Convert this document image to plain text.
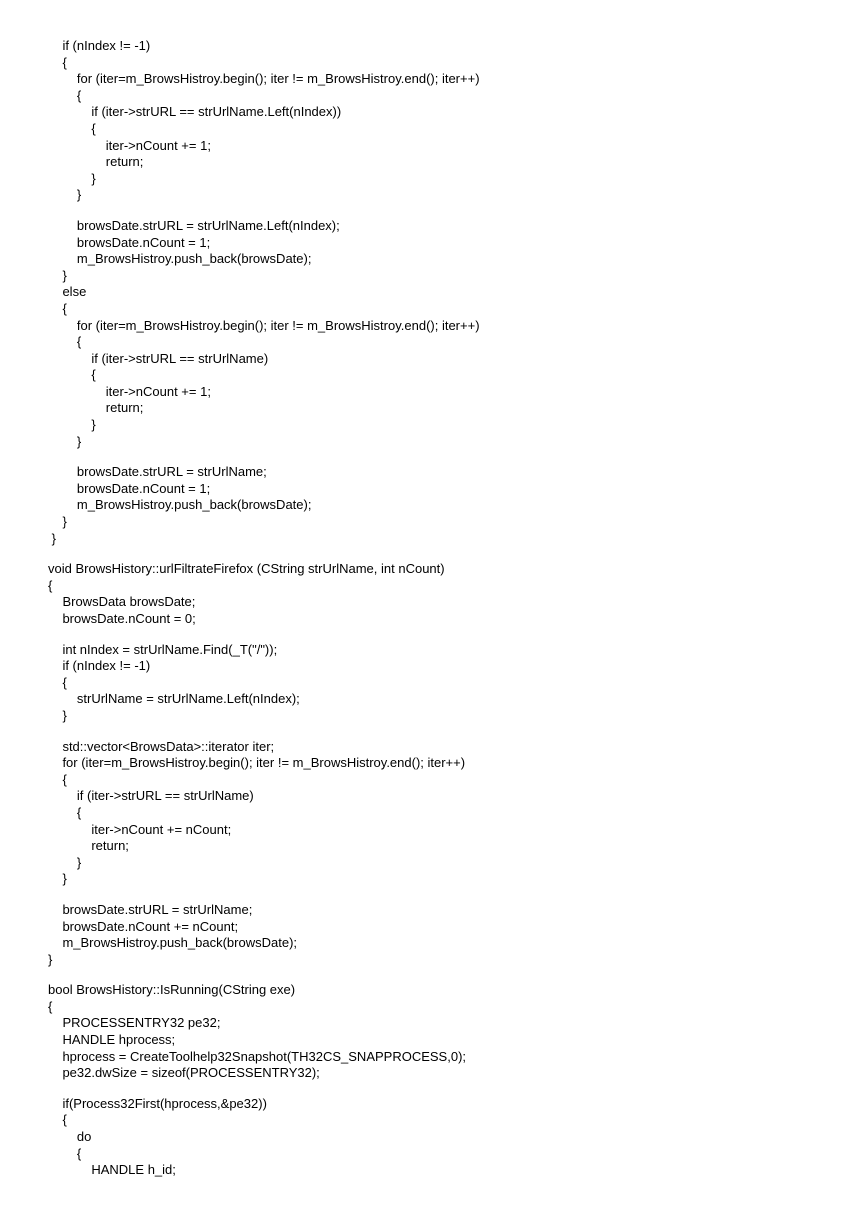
if (nIndex != -1)
{
for (iter=m_BrowsHistroy.begin(); iter != m_BrowsHistroy.end(); iter++)
{
if (iter->strURL == strUrlName.Left(nIndex))
{
iter->nCount += 1;
return;
}
}
browsDate.strURL = strUrlName.Left(nIndex);
browsDate.nCount = 1;
m_BrowsHistroy.push_back(browsDate);
}
else
{
for (iter=m_BrowsHistroy.begin(); iter != m_BrowsHistroy.end(); iter++)
{
if (iter->strURL == strUrlName)
{
iter->nCount += 1;
return;
}
}
browsDate.strURL = strUrlName;
browsDate.nCount = 1;
m_BrowsHistroy.push_back(browsDate);
}
}
void BrowsHistory::urlFiltrateFirefox (CString strUrlName, int nCount)
{
BrowsData browsDate;
browsDate.nCount = 0;
int nIndex = strUrlName.Find(_T("/"));
if (nIndex != -1)
{
strUrlName = strUrlName.Left(nIndex);
}
std::vector<BrowsData>::iterator iter;
for (iter=m_BrowsHistroy.begin(); iter != m_BrowsHistroy.end(); iter++)
{
if (iter->strURL == strUrlName)
{
iter->nCount += nCount;
return;
}
}
browsDate.strURL = strUrlName;
browsDate.nCount += nCount;
m_BrowsHistroy.push_back(browsDate);
}
bool BrowsHistory::IsRunning(CString exe)
{
PROCESSENTRY32 pe32;
HANDLE hprocess;
hprocess = CreateToolhelp32Snapshot(TH32CS_SNAPPROCESS,0);
pe32.dwSize = sizeof(PROCESSENTRY32);
if(Process32First(hprocess,&pe32))
{
do
{
HANDLE h_id;
